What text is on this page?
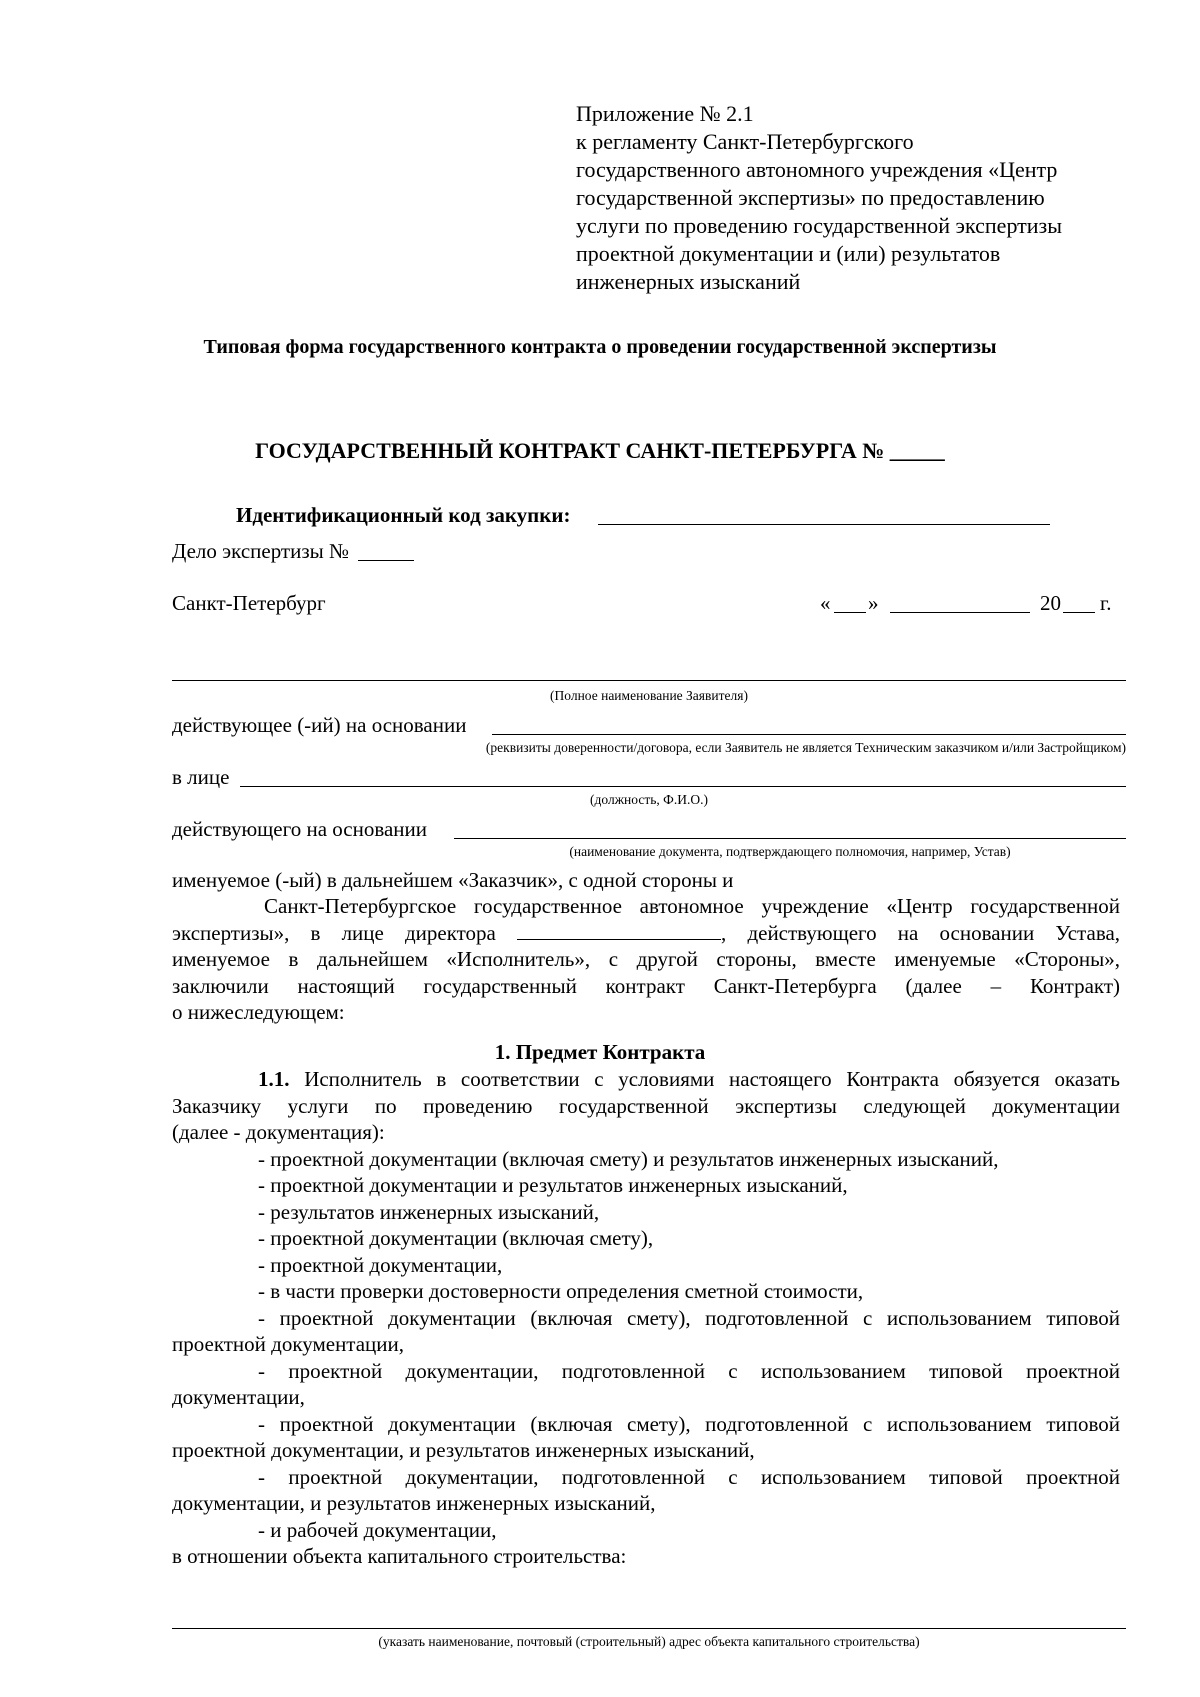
Приложение № 2.1
к регламенту Санкт-Петербургского
государственного автономного учреждения «Центр
государственной экспертизы» по предоставлению
услуги по проведению государственной экспертизы
проектной документации и (или) результатов
инженерных изысканий
Типовая форма государственного контракта о проведении государственной экспертизы
ГОСУДАРСТВЕННЫЙ КОНТРАКТ САНКТ-ПЕТЕРБУРГА № _____
Идентификационный код закупки:
Дело экспертизы №
Санкт-Петербург	« »	20 г.
(Полное наименование Заявителя)
действующее (-ий) на основании
(реквизиты доверенности/договора, если Заявитель не является Техническим заказчиком и/или Застройщиком)
в лице
(должность, Ф.И.О.)
действующего на основании
(наименование документа, подтверждающего полномочия, например, Устав)
именуемое (-ый) в дальнейшем «Заказчик», с одной стороны и
Санкт-Петербургское государственное автономное учреждение «Центр государственной
экспертизы», в лице директора	, действующего на основании Устава,
именуемое в дальнейшем «Исполнитель», с другой стороны, вместе именуемые «Стороны»,
заключили настоящий государственный контракт Санкт-Петербурга (далее – Контракт)
о нижеследующем:
1. Предмет Контракта
1.1. Исполнитель в соответствии с условиями настоящего Контракта обязуется оказать
Заказчику услуги по проведению государственной экспертизы следующей документации
(далее - документация):
- проектной документации (включая смету) и результатов инженерных изысканий,
- проектной документации и результатов инженерных изысканий,
- результатов инженерных изысканий,
- проектной документации (включая смету),
- проектной документации,
- в части проверки достоверности определения сметной стоимости,
- проектной документации (включая смету), подготовленной с использованием типовой
проектной документации,
- проектной документации, подготовленной с использованием типовой проектной
документации,
- проектной документации (включая смету), подготовленной с использованием типовой
проектной документации, и результатов инженерных изысканий,
- проектной документации, подготовленной с использованием типовой проектной
документации, и результатов инженерных изысканий,
- и рабочей документации,
в отношении объекта капитального строительства:
(указать наименование, почтовый (строительный) адрес объекта капитального строительства)
